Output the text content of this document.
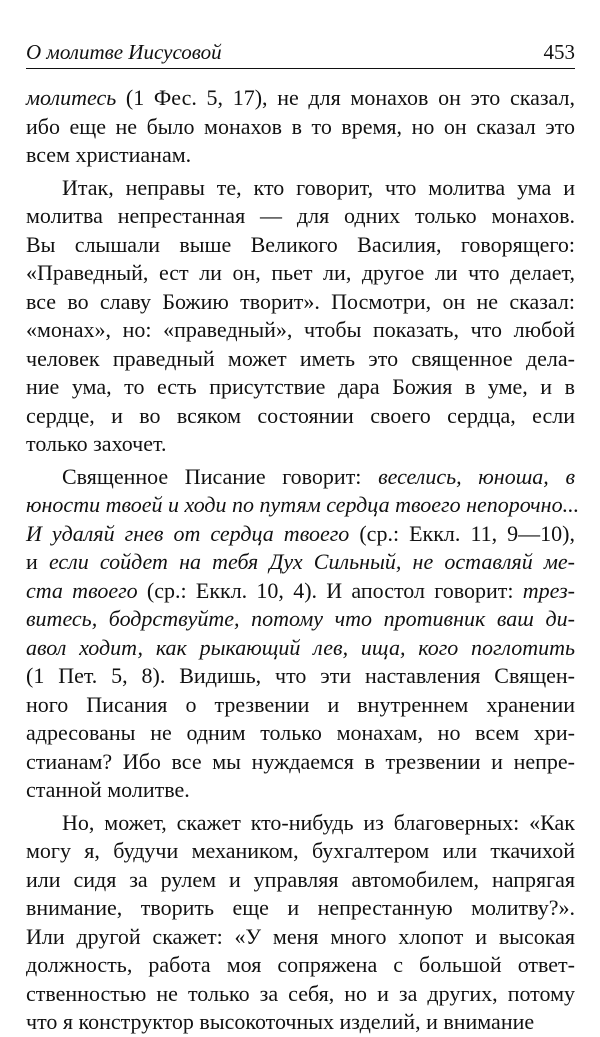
О молитве Иисусовой	453
молитесь (1 Фес. 5, 17), не для монахов он это сказал,
ибо еще не было монахов в то время, но он сказал это
всем христианам.
Итак, неправы те, кто говорит, что молитва ума и
молитва непрестанная — для одних только монахов.
Вы слышали выше Великого Василия, говорящего:
«Праведный, ест ли он, пьет ли, другое ли что делает,
все во славу Божию творит». Посмотри, он не сказал:
«монах», но: «праведный», чтобы показать, что любой
человек праведный может иметь это священное дела-
ние ума, то есть присутствие дара Божия в уме, и в
сердце, и во всяком состоянии своего сердца, если
только захочет.
Священное Писание говорит: веселись, юноша, в
юности твоей и ходи по путям сердца твоего непорочно...
И удаляй гнев от сердца твоего (ср.: Еккл. 11, 9—10),
и если сойдет на тебя Дух Сильный, не оставляй ме-
ста твоего (ср.: Еккл. 10, 4). И апостол говорит: трез-
витесь, бодрствуйте, потому что противник ваш ди-
авол ходит, как рыкающий лев, ища, кого поглотить
(1 Пет. 5, 8). Видишь, что эти наставления Священ-
ного Писания о трезвении и внутреннем хранении
адресованы не одним только монахам, но всем хри-
стианам? Ибо все мы нуждаемся в трезвении и непре-
станной молитве.
Но, может, скажет кто-нибудь из благоверных: «Как
могу я, будучи механиком, бухгалтером или ткачихой
или сидя за рулем и управляя автомобилем, напрягая
внимание, творить еще и непрестанную молитву?».
Или другой скажет: «У меня много хлопот и высокая
должность, работа моя сопряжена с большой ответ-
ственностью не только за себя, но и за других, потому
что я конструктор высокоточных изделий, и внимание
